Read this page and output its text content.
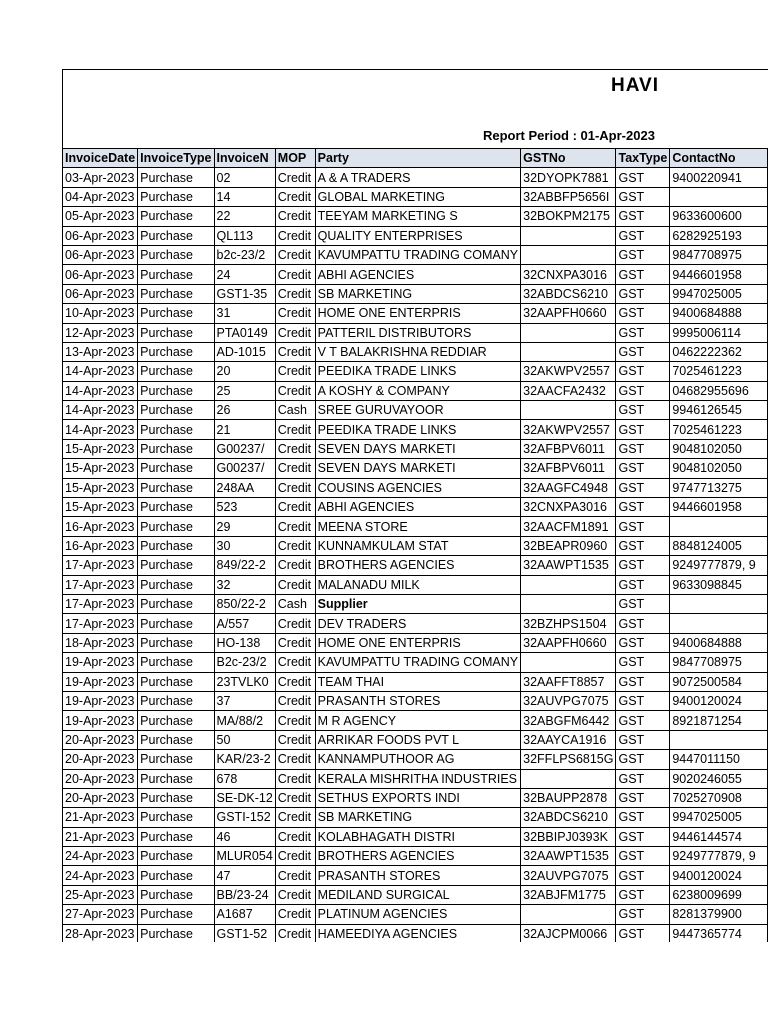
HAVI
Report Period : 01-Apr-2023
InvoiceDate	InvoiceType	InvoiceN	MOP	Party	GSTNo	TaxType	ContactNo
03-Apr-2023	Purchase	02	Credit	A & A TRADERS	32DYOPK7881	GST	9400220941
04-Apr-2023	Purchase	14	Credit	GLOBAL MARKETING	32ABBFP5656I	GST	
05-Apr-2023	Purchase	22	Credit	TEEYAM MARKETING S	32BOKPM2175	GST	9633600600
06-Apr-2023	Purchase	QL113	Credit	QUALITY ENTERPRISES		GST	6282925193
06-Apr-2023	Purchase	b2c-23/2	Credit	KAVUMPATTU TRADING COMANY		GST	9847708975
06-Apr-2023	Purchase	24	Credit	ABHI AGENCIES	32CNXPA3016	GST	9446601958
06-Apr-2023	Purchase	GST1-35	Credit	SB MARKETING	32ABDCS6210	GST	9947025005
10-Apr-2023	Purchase	31	Credit	HOME ONE ENTERPRIS	32AAPFH0660	GST	9400684888
12-Apr-2023	Purchase	PTA0149	Credit	PATTERIL DISTRIBUTORS		GST	9995006114
13-Apr-2023	Purchase	AD-1015	Credit	V T BALAKRISHNA REDDIAR		GST	0462222362
14-Apr-2023	Purchase	20	Credit	PEEDIKA TRADE LINKS	32AKWPV2557	GST	7025461223
14-Apr-2023	Purchase	25	Credit	A KOSHY & COMPANY	32AACFA2432	GST	04682955696
14-Apr-2023	Purchase	26	Cash	SREE GURUVAYOOR		GST	9946126545
14-Apr-2023	Purchase	21	Credit	PEEDIKA TRADE LINKS	32AKWPV2557	GST	7025461223
15-Apr-2023	Purchase	G00237/	Credit	SEVEN DAYS MARKETI	32AFBPV6011	GST	9048102050
15-Apr-2023	Purchase	G00237/	Credit	SEVEN DAYS MARKETI	32AFBPV6011	GST	9048102050
15-Apr-2023	Purchase	248AA	Credit	COUSINS AGENCIES	32AAGFC4948	GST	9747713275
15-Apr-2023	Purchase	523	Credit	ABHI AGENCIES	32CNXPA3016	GST	9446601958
16-Apr-2023	Purchase	29	Credit	MEENA STORE	32AACFM1891	GST	
16-Apr-2023	Purchase	30	Credit	KUNNAMKULAM STAT	32BEAPR0960	GST	8848124005
17-Apr-2023	Purchase	849/22-2	Credit	BROTHERS AGENCIES	32AAWPT1535	GST	9249777879, 9
17-Apr-2023	Purchase	32	Credit	MALANADU MILK		GST	9633098845
17-Apr-2023	Purchase	850/22-2	Cash	Supplier		GST	
17-Apr-2023	Purchase	A/557	Credit	DEV TRADERS	32BZHPS1504	GST	
18-Apr-2023	Purchase	HO-138	Credit	HOME ONE ENTERPRIS	32AAPFH0660	GST	9400684888
19-Apr-2023	Purchase	B2c-23/2	Credit	KAVUMPATTU TRADING COMANY		GST	9847708975
19-Apr-2023	Purchase	23TVLK0	Credit	TEAM THAI	32AAFFT8857	GST	9072500584
19-Apr-2023	Purchase	37	Credit	PRASANTH STORES	32AUVPG7075	GST	9400120024
19-Apr-2023	Purchase	MA/88/2	Credit	M R AGENCY	32ABGFM6442	GST	8921871254
20-Apr-2023	Purchase	50	Credit	ARRIKAR FOODS PVT L	32AAYCA1916	GST	
20-Apr-2023	Purchase	KAR/23-2	Credit	KANNAMPUTHOOR AG	32FFLPS6815G	GST	9447011150
20-Apr-2023	Purchase	678	Credit	KERALA MISHRITHA INDUSTRIES		GST	9020246055
20-Apr-2023	Purchase	SE-DK-12	Credit	SETHUS EXPORTS INDI	32BAUPP2878	GST	7025270908
21-Apr-2023	Purchase	GSTI-152	Credit	SB MARKETING	32ABDCS6210	GST	9947025005
21-Apr-2023	Purchase	46	Credit	KOLABHAGATH DISTRI	32BBIPJ0393K	GST	9446144574
24-Apr-2023	Purchase	MLUR054	Credit	BROTHERS AGENCIES	32AAWPT1535	GST	9249777879, 9
24-Apr-2023	Purchase	47	Credit	PRASANTH STORES	32AUVPG7075	GST	9400120024
25-Apr-2023	Purchase	BB/23-24	Credit	MEDILAND SURGICAL	32ABJFM1775	GST	6238009699
27-Apr-2023	Purchase	A1687	Credit	PLATINUM AGENCIES		GST	8281379900
28-Apr-2023	Purchase	GST1-52	Credit	HAMEEDIYA AGENCIES	32AJCPM0066	GST	9447365774
